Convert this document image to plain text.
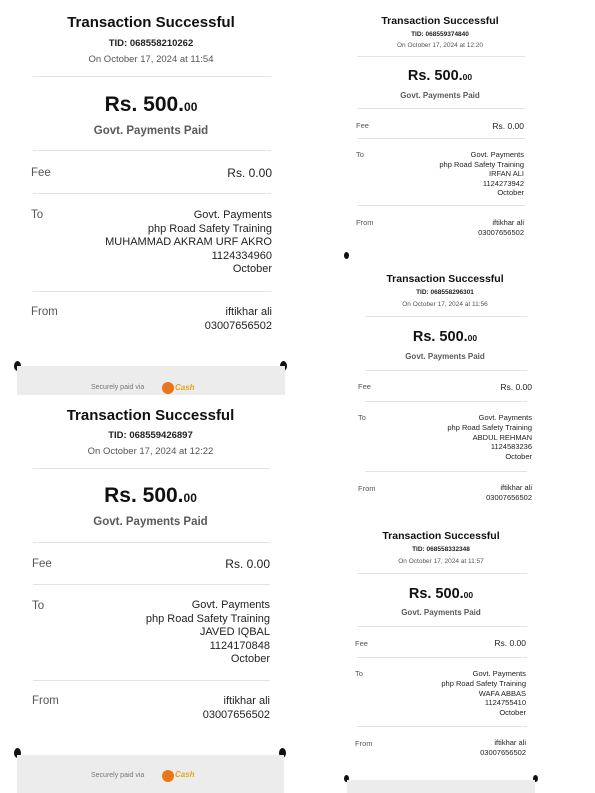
Transaction Successful
TID: 068558210262
On October 17, 2024 at 11:54
Rs. 500.00
Govt. Payments Paid
Fee	Rs. 0.00
To	Govt. Payments
php Road Safety Training
MUHAMMAD AKRAM URF AKRO
1124334960
October
From	iftikhar ali
03007656502
Securely paid via	Cash
Transaction Successful
TID: 068559374840
On October 17, 2024 at 12:20
Rs. 500.00
Govt. Payments Paid
Fee	Rs. 0.00
To	Govt. Payments
php Road Safety Training
IRFAN ALI
1124273942
October
From	iftikhar ali
03007656502
Transaction Successful
TID: 068558296301
On October 17, 2024 at 11:56
Rs. 500.00
Govt. Payments Paid
Fee	Rs. 0.00
To	Govt. Payments
php Road Safety Training
ABDUL REHMAN
1124583236
October
From	iftikhar ali
03007656502
Transaction Successful
TID: 068559426897
On October 17, 2024 at 12:22
Rs. 500.00
Govt. Payments Paid
Fee	Rs. 0.00
To	Govt. Payments
php Road Safety Training
JAVED IQBAL
1124170848
October
From	iftikhar ali
03007656502
Securely paid via	Cash
Transaction Successful
TID: 068558332348
On October 17, 2024 at 11:57
Rs. 500.00
Govt. Payments Paid
Fee	Rs. 0.00
To	Govt. Payments
php Road Safety Training
WAFA ABBAS
1124755410
October
From	iftikhar ali
03007656502
